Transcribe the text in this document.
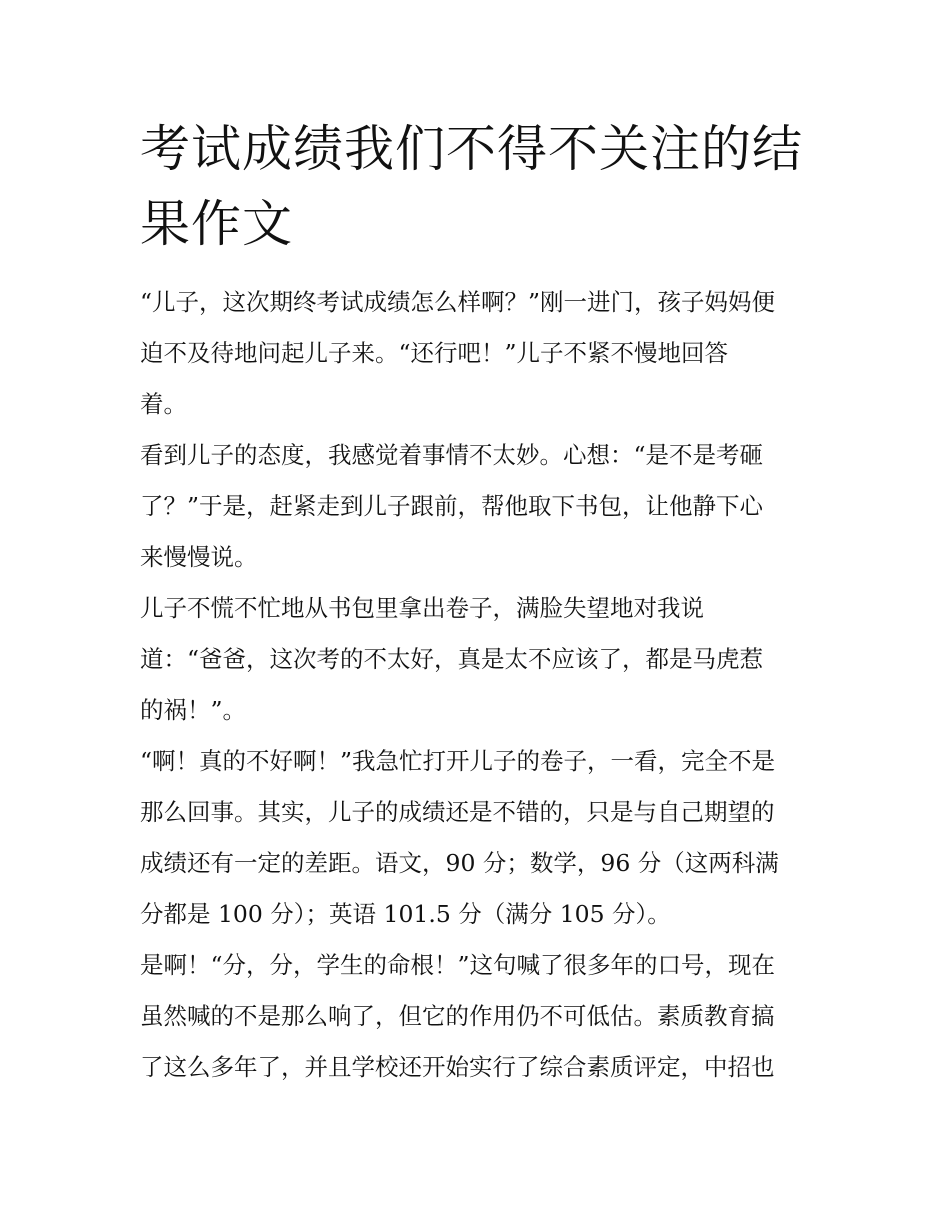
考试成绩我们不得不关注的结
果作文

“儿子，这次期终考试成绩怎么样啊？”刚一进门，孩子妈妈便

迫不及待地问起儿子来。“还行吧！”儿子不紧不慢地回答

着。

看到儿子的态度，我感觉着事情不太妙。心想：“是不是考砸

了？”于是，赶紧走到儿子跟前，帮他取下书包，让他静下心

来慢慢说。

儿子不慌不忙地从书包里拿出卷子，满脸失望地对我说

道：“爸爸，这次考的不太好，真是太不应该了，都是马虎惹

的祸！”。

“啊！真的不好啊！”我急忙打开儿子的卷子，一看，完全不是

那么回事。其实，儿子的成绩还是不错的，只是与自己期望的

成绩还有一定的差距。语文，90 分；数学，96 分（这两科满

分都是 100 分）；英语 101.5 分（满分 105 分）。

是啊！“分，分，学生的命根！”这句喊了很多年的口号，现在

虽然喊的不是那么响了，但它的作用仍不可低估。素质教育搞

了这么多年了，并且学校还开始实行了综合素质评定，中招也
